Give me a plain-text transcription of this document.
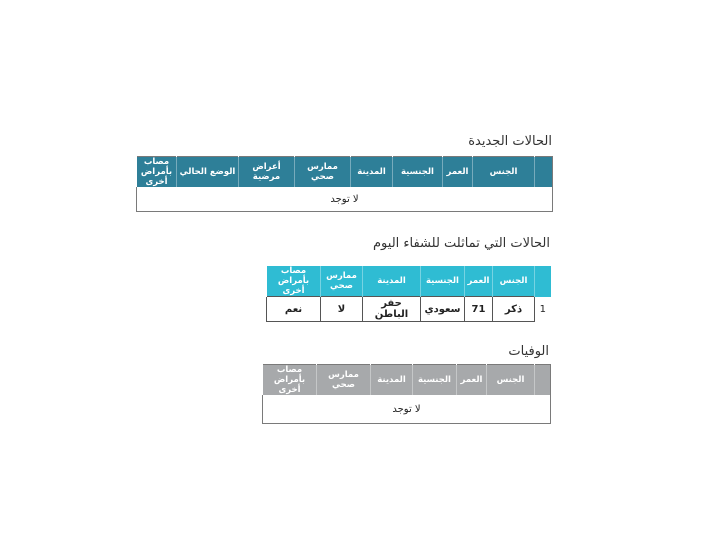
الحالات الجديدة
	الجنس	العمر	الجنسية	المدينة	ممارس صحي	أعراض مرضية	الوضع الحالي	مصاب بأمراض أخرى
لا توجد
الحالات التي تماثلت للشفاء اليوم
	الجنس	العمر	الجنسية	المدينة	ممارس صحي	مصاب بأمراض أخرى
1	ذكر	71	سعودي	حفر الباطن	لا	نعم
الوفيات
	الجنس	العمر	الجنسية	المدينة	ممارس صحي	مصاب بأمراض أخرى
لا توجد
